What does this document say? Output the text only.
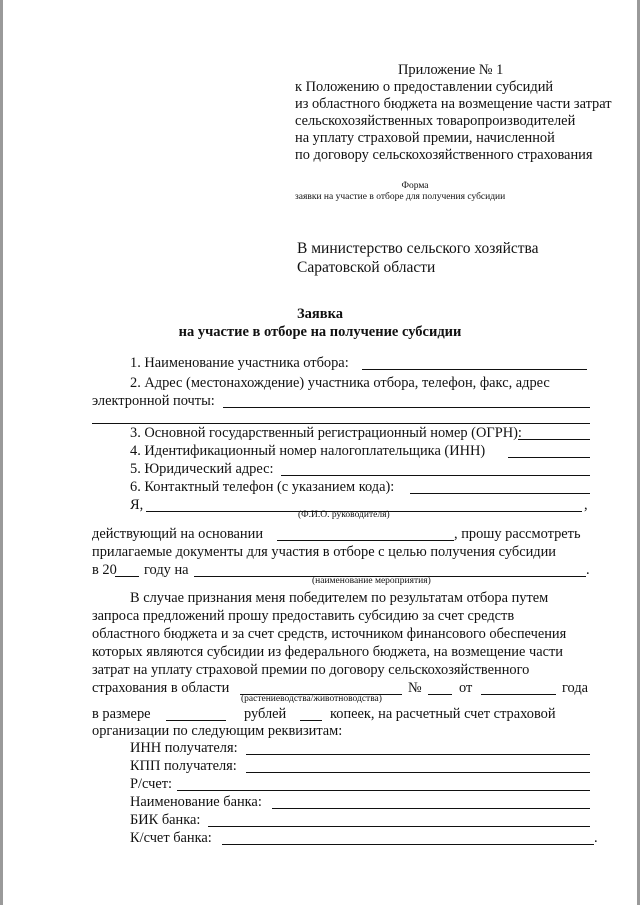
Приложение № 1
к Положению о предоставлении субсидий
из областного бюджета на возмещение части затрат
сельскохозяйственных товаропроизводителей
на уплату страховой премии, начисленной
по договору сельскохозяйственного страхования
Форма
заявки на участие в отборе для получения субсидии
В министерство сельского хозяйства
Саратовской области
Заявка
на участие в отборе на получение субсидии
1. Наименование участника отбора:
2. Адрес (местонахождение) участника отбора, телефон, факс, адрес
электронной почты:
3. Основной государственный регистрационный номер (ОГРН):
4. Идентификационный номер налогоплательщика (ИНН)
5. Юридический адрес:
6. Контактный телефон (с указанием кода):
Я,	,
(Ф.И.О. руководителя)
действующий на основании	, прошу рассмотреть
прилагаемые документы для участия в отборе с целью получения субсидии
в 20 году на	.
(наименование мероприятия)
В случае признания меня победителем по результатам отбора путем
запроса предложений прошу предоставить субсидию за счет средств
областного бюджета и за счет средств, источником финансового обеспечения
которых являются субсидии из федерального бюджета, на возмещение части
затрат на уплату страховой премии по договору сельскохозяйственного
страхования в области	№	от	года
(растениеводства/животноводства)
в размере	рублей	копеек, на расчетный счет страховой
организации по следующим реквизитам:
ИНН получателя:
КПП получателя:
Р/счет:
Наименование банка:
БИК банка:
К/счет банка:	.
